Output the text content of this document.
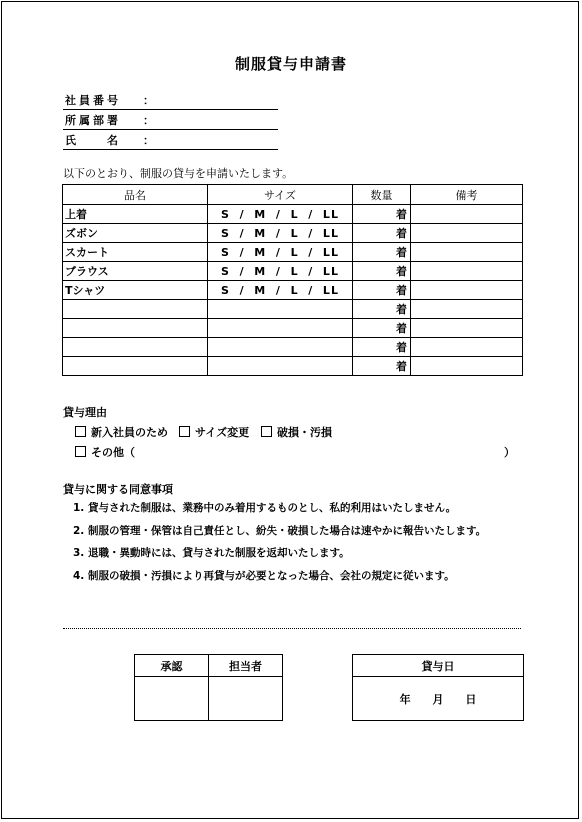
制服貸与申請書
社員番号	：
所属部署	：
氏　　名	：
以下のとおり、制服の貸与を申請いたします。
品名	サイズ	数量	備考
上着	S  /  M  /  L  /  LL	着	
ズボン	S  /  M  /  L  /  LL	着	
スカート	S  /  M  /  L  /  LL	着	
ブラウス	S  /  M  /  L  /  LL	着	
Tシャツ	S  /  M  /  L  /  LL	着	
		着	
		着	
		着	
		着	
貸与理由
新入社員のため	サイズ変更	破損・汚損
その他（	）
貸与に関する同意事項
1. 貸与された制服は、業務中のみ着用するものとし、私的利用はいたしません。
2. 制服の管理・保管は自己責任とし、紛失・破損した場合は速やかに報告いたします。
3. 退職・異動時には、貸与された制服を返却いたします。
4. 制服の破損・汚損により再貸与が必要となった場合、会社の規定に従います。
承認	担当者
		貸与日
年 月 日
